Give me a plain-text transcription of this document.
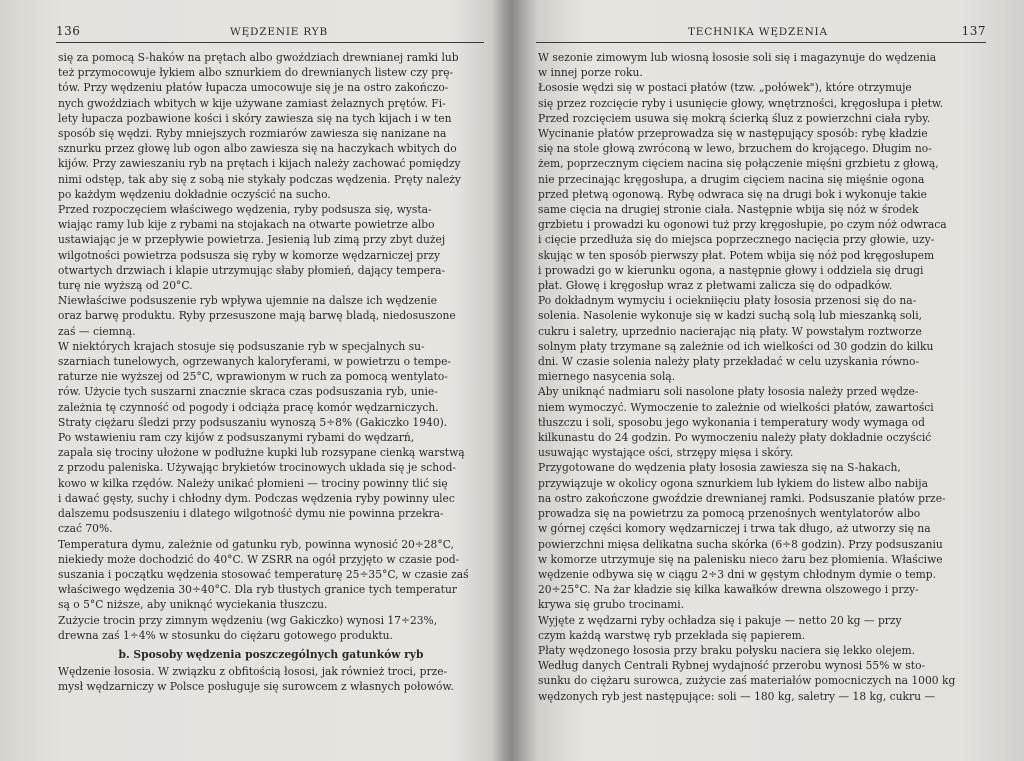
136	WĘDZENIE RYB
się za pomocą S-haków na prętach albo gwoździach drewnianej ramki lub
też przymocowuje łykiem albo sznurkiem do drewnianych listew czy prę-
tów. Przy wędzeniu płatów łupacza umocowuje się je na ostro zakończo-
nych gwoździach wbitych w kije używane zamiast żelaznych prętów. Fi-
lety łupacza pozbawione kości i skóry zawiesza się na tych kijach i w ten
sposób się wędzi. Ryby mniejszych rozmiarów zawiesza się nanizane na
sznurku przez głowę lub ogon albo zawiesza się na haczykach wbitych do
kijów. Przy zawieszaniu ryb na prętach i kijach należy zachować pomiędzy
nimi odstęp, tak aby się z sobą nie stykały podczas wędzenia. Pręty należy
po każdym wędzeniu dokładnie oczyścić na sucho.
Przed rozpoczęciem właściwego wędzenia, ryby podsusza się, wysta-
wiając ramy lub kije z rybami na stojakach na otwarte powietrze albo
ustawiając je w przepływie powietrza. Jesienią lub zimą przy zbyt dużej
wilgotności powietrza podsusza się ryby w komorze wędzarniczej przy
otwartych drzwiach i klapie utrzymując słaby płomień, dający tempera-
turę nie wyższą od 20°C.
Niewłaściwe podsuszenie ryb wpływa ujemnie na dalsze ich wędzenie
oraz barwę produktu. Ryby przesuszone mają barwę bladą, niedosuszone
zaś — ciemną.
W niektórych krajach stosuje się podsuszanie ryb w specjalnych su-
szarniach tunelowych, ogrzewanych kaloryferami, w powietrzu o tempe-
raturze nie wyższej od 25°C, wprawionym w ruch za pomocą wentylato-
rów. Użycie tych suszarni znacznie skraca czas podsuszania ryb, unie-
zależnia tę czynność od pogody i odciąża pracę komór wędzarniczych.
Straty ciężaru śledzi przy podsuszaniu wynoszą 5÷8% (Gakiczko 1940).
Po wstawieniu ram czy kijów z podsuszanymi rybami do wędzarń,
zapala się trociny ułożone w podłużne kupki lub rozsypane cienką warstwą
z przodu paleniska. Używając brykietów trocinowych układa się je schod-
kowo w kilka rzędów. Należy unikać płomieni — trociny powinny tlić się
i dawać gęsty, suchy i chłodny dym. Podczas wędzenia ryby powinny ulec
dalszemu podsuszeniu i dlatego wilgotność dymu nie powinna przekra-
czać 70%.
Temperatura dymu, zależnie od gatunku ryb, powinna wynosić 20÷28°C,
niekiedy może dochodzić do 40°C. W ZSRR na ogół przyjęto w czasie pod-
suszania i początku wędzenia stosować temperaturę 25÷35°C, w czasie zaś
właściwego wędzenia 30÷40°C. Dla ryb tłustych granice tych temperatur
są o 5°C niższe, aby uniknąć wyciekania tłuszczu.
Zużycie trocin przy zimnym wędzeniu (wg Gakiczko) wynosi 17÷23%,
drewna zaś 1÷4% w stosunku do ciężaru gotowego produktu.
b. Sposoby wędzenia poszczególnych gatunków ryb
Wędzenie łososia. W związku z obfitością łososi, jak również troci, prze-
mysł wędzarniczy w Polsce posługuje się surowcem z własnych połowów.
TECHNIKA WĘDZENIA	137
W sezonie zimowym lub wiosną łososie soli się i magazynuje do wędzenia
w innej porze roku.
Łososie wędzi się w postaci płatów (tzw. „połówek"), które otrzymuje
się przez rozcięcie ryby i usunięcie głowy, wnętrzności, kręgosłupa i płetw.
Przed rozcięciem usuwa się mokrą ścierką śluz z powierzchni ciała ryby.
Wycinanie płatów przeprowadza się w następujący sposób: rybę kładzie
się na stole głową zwróconą w lewo, brzuchem do krojącego. Długim no-
żem, poprzecznym cięciem nacina się połączenie mięśni grzbietu z głową,
nie przecinając kręgosłupa, a drugim cięciem nacina się mięśnie ogona
przed płetwą ogonową. Rybę odwraca się na drugi bok i wykonuje takie
same cięcia na drugiej stronie ciała. Następnie wbija się nóż w środek
grzbietu i prowadzi ku ogonowi tuż przy kręgosłupie, po czym nóż odwraca
i cięcie przedłuża się do miejsca poprzecznego nacięcia przy głowie, uzy-
skując w ten sposób pierwszy płat. Potem wbija się nóż pod kręgosłupem
i prowadzi go w kierunku ogona, a następnie głowy i oddziela się drugi
płat. Głowę i kręgosłup wraz z płetwami zalicza się do odpadków.
Po dokładnym wymyciu i ociekniięciu płaty łososia przenosi się do na-
solenia. Nasolenie wykonuje się w kadzi suchą solą lub mieszanką soli,
cukru i saletry, uprzednio nacierając nią płaty. W powstałym roztworze
solnym płaty trzymane są zależnie od ich wielkości od 30 godzin do kilku
dni. W czasie solenia należy płaty przekładać w celu uzyskania równo-
miernego nasycenia solą.
Aby uniknąć nadmiaru soli nasolone płaty łososia należy przed wędze-
niem wymoczyć. Wymoczenie to zależnie od wielkości płatów, zawartości
tłuszczu i soli, sposobu jego wykonania i temperatury wody wymaga od
kilkunastu do 24 godzin. Po wymoczeniu należy płaty dokładnie oczyścić
usuwając wystające ości, strzępy mięsa i skóry.
Przygotowane do wędzenia płaty łososia zawiesza się na S-hakach,
przywiązuje w okolicy ogona sznurkiem lub łykiem do listew albo nabija
na ostro zakończone gwoździe drewnianej ramki. Podsuszanie płatów prze-
prowadza się na powietrzu za pomocą przenośnych wentylatorów albo
w górnej części komory wędzarniczej i trwa tak długo, aż utworzy się na
powierzchni mięsa delikatna sucha skórka (6÷8 godzin). Przy podsuszaniu
w komorze utrzymuje się na palenisku nieco żaru bez płomienia. Właściwe
wędzenie odbywa się w ciągu 2÷3 dni w gęstym chłodnym dymie o temp.
20÷25°C. Na żar kładzie się kilka kawałków drewna olszowego i przy-
krywa się grubo trocinami.
Wyjęte z wędzarni ryby ochładza się i pakuje — netto 20 kg — przy
czym każdą warstwę ryb przekłada się papierem.
Płaty wędzonego łososia przy braku połysku naciera się lekko olejem.
Według danych Centrali Rybnej wydajność przerobu wynosi 55% w sto-
sunku do ciężaru surowca, zużycie zaś materiałów pomocniczych na 1000 kg
wędzonych ryb jest następujące: soli — 180 kg, saletry — 18 kg, cukru —
